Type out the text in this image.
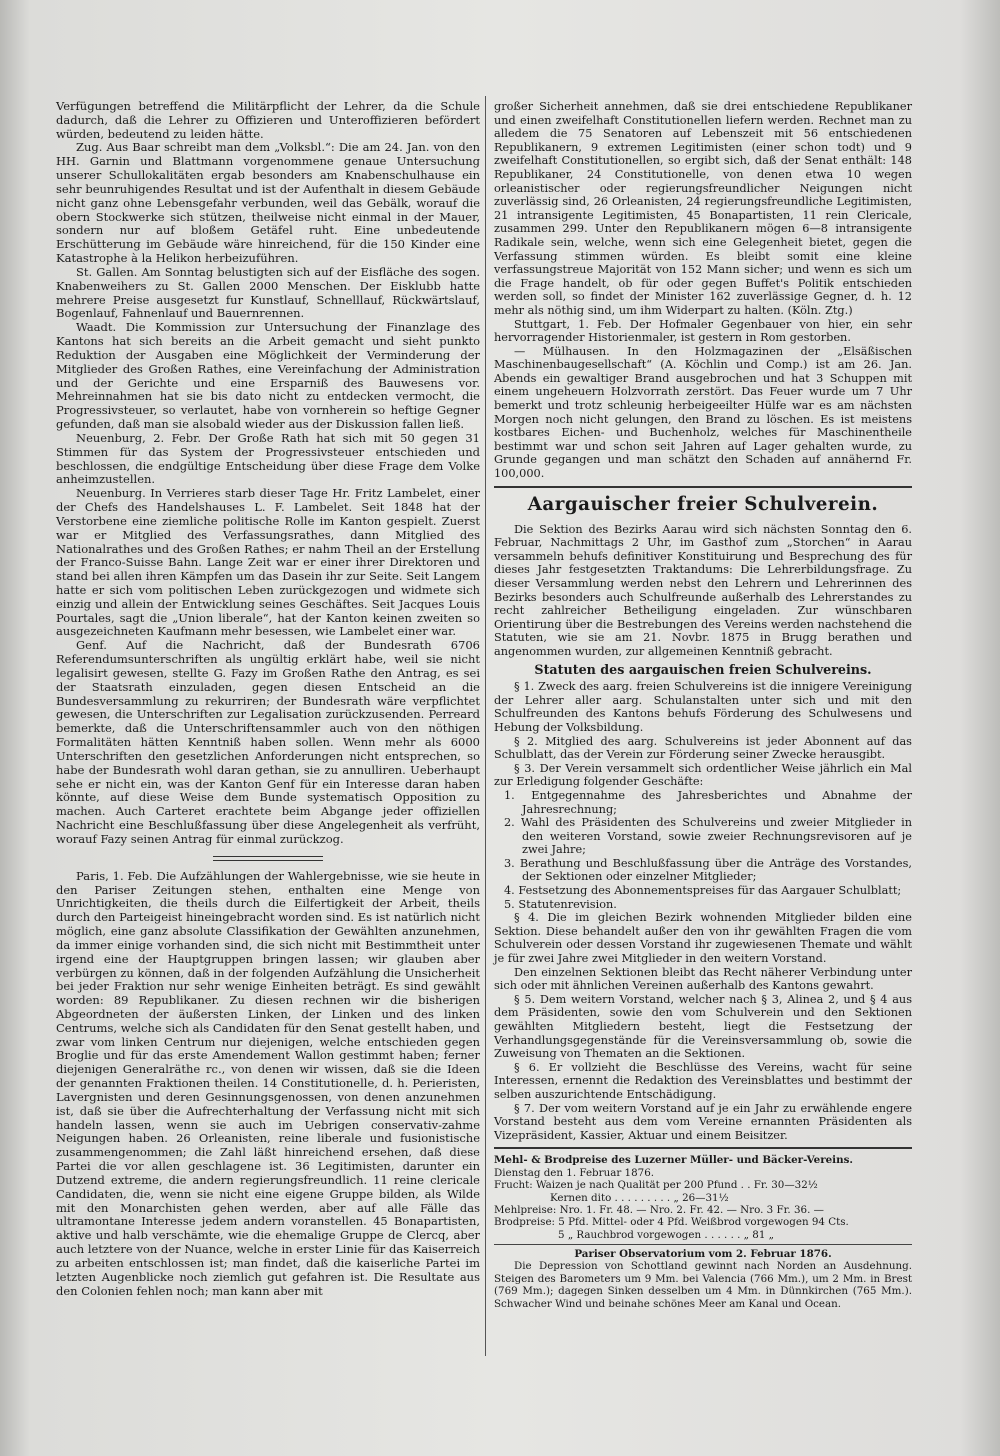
Verfügungen betreffend die Militärpflicht der Lehrer, da die Schule dadurch, daß die Lehrer zu Offizieren und Unteroffizieren befördert würden, bedeutend zu leiden hätte.

Zug. Aus Baar schreibt man dem „Volksbl.“: Die am 24. Jan. von den HH. Garnin und Blattmann vorgenommene genaue Untersuchung unserer Schullokalitäten ergab besonders am Knabenschulhause ein sehr beunruhigendes Resultat und ist der Aufenthalt in diesem Gebäude nicht ganz ohne Lebensgefahr verbunden, weil das Gebälk, worauf die obern Stockwerke sich stützen, theilweise nicht einmal in der Mauer, sondern nur auf bloßem Getäfel ruht. Eine unbedeutende Erschütterung im Gebäude wäre hinreichend, für die 150 Kinder eine Katastrophe à la Helikon herbeizuführen.

St. Gallen. Am Sonntag belustigten sich auf der Eisfläche des sogen. Knabenweihers zu St. Gallen 2000 Menschen. Der Eisklubb hatte mehrere Preise ausgesetzt fur Kunstlauf, Schnelllauf, Rückwärtslauf, Bogenlauf, Fahnenlauf und Bauernrennen.

Waadt. Die Kommission zur Untersuchung der Finanzlage des Kantons hat sich bereits an die Arbeit gemacht und sieht punkto Reduktion der Ausgaben eine Möglichkeit der Verminderung der Mitglieder des Großen Rathes, eine Vereinfachung der Administration und der Gerichte und eine Ersparniß des Bauwesens vor. Mehreinnahmen hat sie bis dato nicht zu entdecken vermocht, die Progressivsteuer, so verlautet, habe von vornherein so heftige Gegner gefunden, daß man sie alsobald wieder aus der Diskussion fallen ließ.

Neuenburg, 2. Febr. Der Große Rath hat sich mit 50 gegen 31 Stimmen für das System der Progressivsteuer entschieden und beschlossen, die endgültige Entscheidung über diese Frage dem Volke anheimzustellen.

Neuenburg. In Verrieres starb dieser Tage Hr. Fritz Lambelet, einer der Chefs des Handelshauses L. F. Lambelet. Seit 1848 hat der Verstorbene eine ziemliche politische Rolle im Kanton gespielt. Zuerst war er Mitglied des Verfassungsrathes, dann Mitglied des Nationalrathes und des Großen Rathes; er nahm Theil an der Erstellung der Franco-Suisse Bahn. Lange Zeit war er einer ihrer Direktoren und stand bei allen ihren Kämpfen um das Dasein ihr zur Seite. Seit Langem hatte er sich vom politischen Leben zurückgezogen und widmete sich einzig und allein der Entwicklung seines Geschäftes. Seit Jacques Louis Pourtales, sagt die „Union liberale“, hat der Kanton keinen zweiten so ausgezeichneten Kaufmann mehr besessen, wie Lambelet einer war.

Genf. Auf die Nachricht, daß der Bundesrath 6706 Referendumsunterschriften als ungültig erklärt habe, weil sie nicht legalisirt gewesen, stellte G. Fazy im Großen Rathe den Antrag, es sei der Staatsrath einzuladen, gegen diesen Entscheid an die Bundesversammlung zu rekurriren; der Bundesrath wäre verpflichtet gewesen, die Unterschriften zur Legalisation zurückzusenden. Perreard bemerkte, daß die Unterschriftensammler auch von den nöthigen Formalitäten hätten Kenntniß haben sollen. Wenn mehr als 6000 Unterschriften den gesetzlichen Anforderungen nicht entsprechen, so habe der Bundesrath wohl daran gethan, sie zu annulliren. Ueberhaupt sehe er nicht ein, was der Kanton Genf für ein Interesse daran haben könnte, auf diese Weise dem Bunde systematisch Opposition zu machen. Auch Carteret erachtete beim Abgange jeder offiziellen Nachricht eine Beschlußfassung über diese Angelegenheit als verfrüht, worauf Fazy seinen Antrag für einmal zurückzog.

Paris, 1. Feb. Die Aufzählungen der Wahlergebnisse, wie sie heute in den Pariser Zeitungen stehen, enthalten eine Menge von Unrichtigkeiten, die theils durch die Eilfertigkeit der Arbeit, theils durch den Parteigeist hineingebracht worden sind. Es ist natürlich nicht möglich, eine ganz absolute Classifikation der Gewählten anzunehmen, da immer einige vorhanden sind, die sich nicht mit Bestimmtheit unter irgend eine der Hauptgruppen bringen lassen; wir glauben aber verbürgen zu können, daß in der folgenden Aufzählung die Unsicherheit bei jeder Fraktion nur sehr wenige Einheiten beträgt. Es sind gewählt worden: 89 Republikaner. Zu diesen rechnen wir die bisherigen Abgeordneten der äußersten Linken, der Linken und des linken Centrums, welche sich als Candidaten für den Senat gestellt haben, und zwar vom linken Centrum nur diejenigen, welche entschieden gegen Broglie und für das erste Amendement Wallon gestimmt haben; ferner diejenigen Generalräthe rc., von denen wir wissen, daß sie die Ideen der genannten Fraktionen theilen. 14 Constitutionelle, d. h. Perieristen, Lavergnisten und deren Gesinnungsgenossen, von denen anzunehmen ist, daß sie über die Aufrechterhaltung der Verfassung nicht mit sich handeln lassen, wenn sie auch im Uebrigen conservativ-zahme Neigungen haben. 26 Orleanisten, reine liberale und fusionistische zusammengenommen; die Zahl läßt hinreichend ersehen, daß diese Partei die vor allen geschlagene ist. 36 Legitimisten, darunter ein Dutzend extreme, die andern regierungsfreundlich. 11 reine clericale Candidaten, die, wenn sie nicht eine eigene Gruppe bilden, als Wilde mit den Monarchisten gehen werden, aber auf alle Fälle das ultramontane Interesse jedem andern voranstellen. 45 Bonapartisten, aktive und halb verschämte, wie die ehemalige Gruppe de Clercq, aber auch letztere von der Nuance, welche in erster Linie für das Kaiserreich zu arbeiten entschlossen ist; man findet, daß die kaiserliche Partei im letzten Augenblicke noch ziemlich gut gefahren ist. Die Resultate aus den Colonien fehlen noch; man kann aber mit

großer Sicherheit annehmen, daß sie drei entschiedene Republikaner und einen zweifelhaft Constitutionellen liefern werden. Rechnet man zu alledem die 75 Senatoren auf Lebenszeit mit 56 entschiedenen Republikanern, 9 extremen Legitimisten (einer schon todt) und 9 zweifelhaft Constitutionellen, so ergibt sich, daß der Senat enthält: 148 Republikaner, 24 Constitutionelle, von denen etwa 10 wegen orleanistischer oder regierungsfreundlicher Neigungen nicht zuverlässig sind, 26 Orleanisten, 24 regierungsfreundliche Legitimisten, 21 intransigente Legitimisten, 45 Bonapartisten, 11 rein Clericale, zusammen 299. Unter den Republikanern mögen 6—8 intransigente Radikale sein, welche, wenn sich eine Gelegenheit bietet, gegen die Verfassung stimmen würden. Es bleibt somit eine kleine verfassungstreue Majorität von 152 Mann sicher; und wenn es sich um die Frage handelt, ob für oder gegen Buffet's Politik entschieden werden soll, so findet der Minister 162 zuverlässige Gegner, d. h. 12 mehr als nöthig sind, um ihm Widerpart zu halten. (Köln. Ztg.)

Stuttgart, 1. Feb. Der Hofmaler Gegenbauer von hier, ein sehr hervorragender Historienmaler, ist gestern in Rom gestorben.

— Mülhausen. In den Holzmagazinen der „Elsäßischen Maschinenbaugesellschaft“ (A. Köchlin und Comp.) ist am 26. Jan. Abends ein gewaltiger Brand ausgebrochen und hat 3 Schuppen mit einem ungeheuern Holzvorrath zerstört. Das Feuer wurde um 7 Uhr bemerkt und trotz schleunig herbeigeeilter Hülfe war es am nächsten Morgen noch nicht gelungen, den Brand zu löschen. Es ist meistens kostbares Eichen- und Buchenholz, welches für Maschinentheile bestimmt war und schon seit Jahren auf Lager gehalten wurde, zu Grunde gegangen und man schätzt den Schaden auf annähernd Fr. 100,000.

Aargauischer freier Schulverein.

Die Sektion des Bezirks Aarau wird sich nächsten Sonntag den 6. Februar, Nachmittags 2 Uhr, im Gasthof zum „Storchen“ in Aarau versammeln behufs definitiver Konstituirung und Besprechung des für dieses Jahr festgesetzten Traktandums: Die Lehrerbildungsfrage. Zu dieser Versammlung werden nebst den Lehrern und Lehrerinnen des Bezirks besonders auch Schulfreunde außerhalb des Lehrerstandes zu recht zahlreicher Betheiligung eingeladen. Zur wünschbaren Orientirung über die Bestrebungen des Vereins werden nachstehend die Statuten, wie sie am 21. Novbr. 1875 in Brugg berathen und angenommen wurden, zur allgemeinen Kenntniß gebracht.

Statuten des aargauischen freien Schulvereins.

§ 1. Zweck des aarg. freien Schulvereins ist die innigere Vereinigung der Lehrer aller aarg. Schulanstalten unter sich und mit den Schulfreunden des Kantons behufs Förderung des Schulwesens und Hebung der Volksbildung.

§ 2. Mitglied des aarg. Schulvereins ist jeder Abonnent auf das Schulblatt, das der Verein zur Förderung seiner Zwecke herausgibt.

§ 3. Der Verein versammelt sich ordentlicher Weise jährlich ein Mal zur Erledigung folgender Geschäfte:

1. Entgegennahme des Jahresberichtes und Abnahme der Jahresrechnung;

2. Wahl des Präsidenten des Schulvereins und zweier Mitglieder in den weiteren Vorstand, sowie zweier Rechnungsrevisoren auf je zwei Jahre;

3. Berathung und Beschlußfassung über die Anträge des Vorstandes, der Sektionen oder einzelner Mitglieder;

4. Festsetzung des Abonnementspreises für das Aargauer Schulblatt;

5. Statutenrevision.

§ 4. Die im gleichen Bezirk wohnenden Mitglieder bilden eine Sektion. Diese behandelt außer den von ihr gewählten Fragen die vom Schulverein oder dessen Vorstand ihr zugewiesenen Themate und wählt je für zwei Jahre zwei Mitglieder in den weitern Vorstand.

Den einzelnen Sektionen bleibt das Recht näherer Verbindung unter sich oder mit ähnlichen Vereinen außerhalb des Kantons gewahrt.

§ 5. Dem weitern Vorstand, welcher nach § 3, Alinea 2, und § 4 aus dem Präsidenten, sowie den vom Schulverein und den Sektionen gewählten Mitgliedern besteht, liegt die Festsetzung der Verhandlungsgegenstände für die Vereinsversammlung ob, sowie die Zuweisung von Thematen an die Sektionen.

§ 6. Er vollzieht die Beschlüsse des Vereins, wacht für seine Interessen, ernennt die Redaktion des Vereinsblattes und bestimmt der selben auszurichtende Entschädigung.

§ 7. Der vom weitern Vorstand auf je ein Jahr zu erwählende engere Vorstand besteht aus dem vom Vereine ernannten Präsidenten als Vizepräsident, Kassier, Aktuar und einem Beisitzer.

Mehl- & Brodpreise des Luzerner Müller- und Bäcker-Vereins.
Dienstag den 1. Februar 1876.
Frucht: Waizen je nach Qualität per 200 Pfund . . Fr. 30—32½
Kernen dito . . . . . . . . . „ 26—31½
Mehlpreise: Nro. 1. Fr. 48. — Nro. 2. Fr. 42. — Nro. 3 Fr. 36. —
Brodpreise: 5 Pfd. Mittel- oder 4 Pfd. Weißbrod vorgewogen 94 Cts.
5 „ Rauchbrod vorgewogen . . . . . . „ 81 „

Pariser Observatorium vom 2. Februar 1876.

Die Depression von Schottland gewinnt nach Norden an Ausdehnung. Steigen des Barometers um 9 Mm. bei Valencia (766 Mm.), um 2 Mm. in Brest (769 Mm.); dagegen Sinken desselben um 4 Mm. in Dünnkirchen (765 Mm.). Schwacher Wind und beinahe schönes Meer am Kanal und Ocean.
